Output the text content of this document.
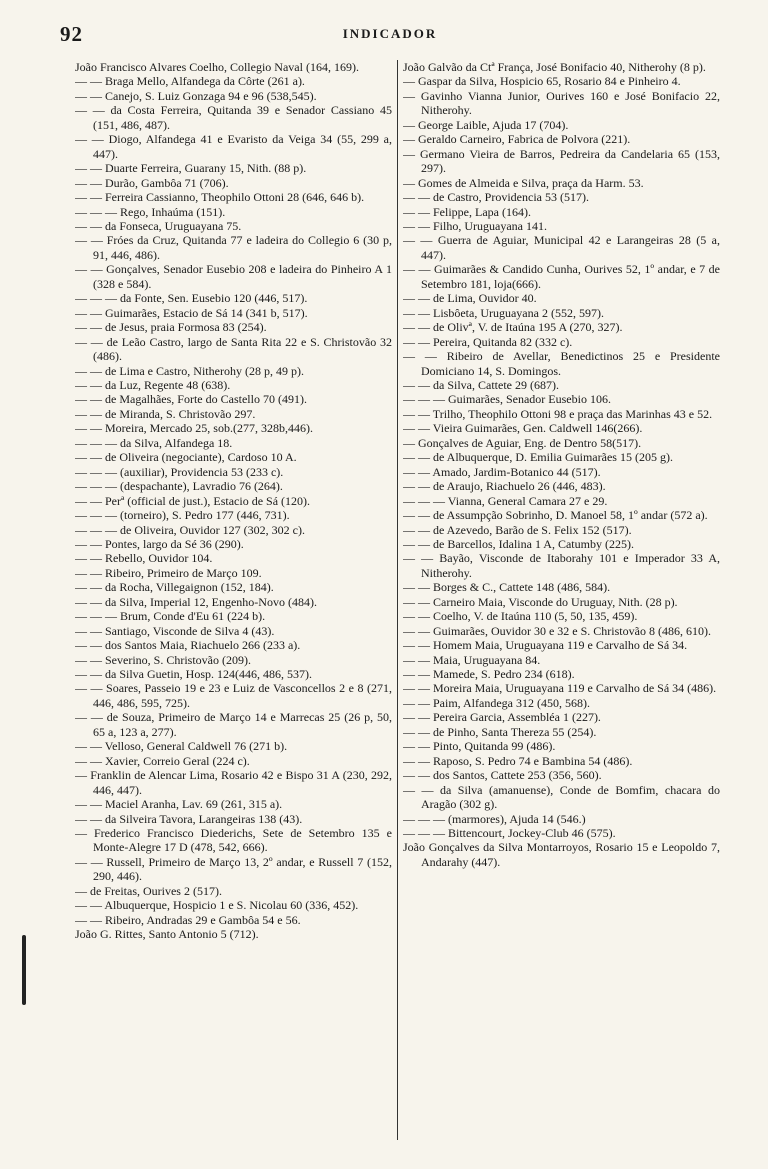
92	INDICADOR

João Francisco Alvares Coelho, Collegio Naval (164, 169).

— — Braga Mello, Alfandega da Côrte (261 a).

— — Canejo, S. Luiz Gonzaga 94 e 96 (538,545).

— — da Costa Ferreira, Quitanda 39 e Senador Cassiano 45 (151, 486, 487).

— — Diogo, Alfandega 41 e Evaristo da Veiga 34 (55, 299 a, 447).

— — Duarte Ferreira, Guarany 15, Nith. (88 p).

— — Durão, Gambôa 71 (706).

— — Ferreira Cassianno, Theophilo Ottoni 28 (646, 646 b).

— — — Rego, Inhaúma (151).

— — da Fonseca, Uruguayana 75.

— — Fróes da Cruz, Quitanda 77 e ladeira do Collegio 6 (30 p, 91, 446, 486).

— — Gonçalves, Senador Eusebio 208 e ladeira do Pinheiro A 1 (328 e 584).

— — — da Fonte, Sen. Eusebio 120 (446, 517).

— — Guimarães, Estacio de Sá 14 (341 b, 517).

— — de Jesus, praia Formosa 83 (254).

— — de Leão Castro, largo de Santa Rita 22 e S. Christovão 32 (486).

— — de Lima e Castro, Nitherohy (28 p, 49 p).

— — da Luz, Regente 48 (638).

— — de Magalhães, Forte do Castello 70 (491).

— — de Miranda, S. Christovão 297.

— — Moreira, Mercado 25, sob.(277, 328b,446).

— — — da Silva, Alfandega 18.

— — de Oliveira (negociante), Cardoso 10 A.

— — — (auxiliar), Providencia 53 (233 c).

— — — (despachante), Lavradio 76 (264).

— — Perª (official de just.), Estacio de Sá (120).

— — — (torneiro), S. Pedro 177 (446, 731).

— — — de Oliveira, Ouvidor 127 (302, 302 c).

— — Pontes, largo da Sé 36 (290).

— — Rebello, Ouvidor 104.

— — Ribeiro, Primeiro de Março 109.

— — da Rocha, Villegaignon (152, 184).

— — da Silva, Imperial 12, Engenho-Novo (484).

— — — Brum, Conde d'Eu 61 (224 b).

— — Santiago, Visconde de Silva 4 (43).

— — dos Santos Maia, Riachuelo 266 (233 a).

— — Severino, S. Christovão (209).

— — da Silva Guetin, Hosp. 124(446, 486, 537).

— — Soares, Passeio 19 e 23 e Luiz de Vasconcellos 2 e 8 (271, 446, 486, 595, 725).

— — de Souza, Primeiro de Março 14 e Marrecas 25 (26 p, 50, 65 a, 123 a, 277).

— — Velloso, General Caldwell 76 (271 b).

— — Xavier, Correio Geral (224 c).

— Franklin de Alencar Lima, Rosario 42 e Bispo 31 A (230, 292, 446, 447).

— — Maciel Aranha, Lav. 69 (261, 315 a).

— — da Silveira Tavora, Larangeiras 138 (43).

— Frederico Francisco Diederichs, Sete de Setembro 135 e Monte-Alegre 17 D (478, 542, 666).

— — Russell, Primeiro de Março 13, 2º andar, e Russell 7 (152, 290, 446).

— de Freitas, Ourives 2 (517).

— — Albuquerque, Hospicio 1 e S. Nicolau 60 (336, 452).

— — Ribeiro, Andradas 29 e Gambôa 54 e 56.

João G. Rittes, Santo Antonio 5 (712).

João Galvão da Ctª França, José Bonifacio 40, Nitherohy (8 p).

— Gaspar da Silva, Hospicio 65, Rosario 84 e Pinheiro 4.

— Gavinho Vianna Junior, Ourives 160 e José Bonifacio 22, Nitherohy.

— George Laible, Ajuda 17 (704).

— Geraldo Carneiro, Fabrica de Polvora (221).

— Germano Vieira de Barros, Pedreira da Candelaria 65 (153, 297).

— Gomes de Almeida e Silva, praça da Harm. 53.

— — de Castro, Providencia 53 (517).

— — Felippe, Lapa (164).

— — Filho, Uruguayana 141.

— — Guerra de Aguiar, Municipal 42 e Larangeiras 28 (5 a, 447).

— — Guimarães & Candido Cunha, Ourives 52, 1º andar, e 7 de Setembro 181, loja(666).

— — de Lima, Ouvidor 40.

— — Lisbôeta, Uruguayana 2 (552, 597).

— — de Olivª, V. de Itaúna 195 A (270, 327).

— — Pereira, Quitanda 82 (332 c).

— — Ribeiro de Avellar, Benedictinos 25 e Presidente Domiciano 14, S. Domingos.

— — da Silva, Cattete 29 (687).

— — — Guimarães, Senador Eusebio 106.

— — Trilho, Theophilo Ottoni 98 e praça das Marinhas 43 e 52.

— — Vieira Guimarães, Gen. Caldwell 146(266).

— Gonçalves de Aguiar, Eng. de Dentro 58(517).

— — de Albuquerque, D. Emilia Guimarães 15 (205 g).

— — Amado, Jardim-Botanico 44 (517).

— — de Araujo, Riachuelo 26 (446, 483).

— — — Vianna, General Camara 27 e 29.

— — de Assumpção Sobrinho, D. Manoel 58, 1º andar (572 a).

— — de Azevedo, Barão de S. Felix 152 (517).

— — de Barcellos, Idalina 1 A, Catumby (225).

— — Bayão, Visconde de Itaborahy 101 e Imperador 33 A, Nitherohy.

— — Borges & C., Cattete 148 (486, 584).

— — Carneiro Maia, Visconde do Uruguay, Nith. (28 p).

— — Coelho, V. de Itaúna 110 (5, 50, 135, 459).

— — Guimarães, Ouvidor 30 e 32 e S. Christovão 8 (486, 610).

— — Homem Maia, Uruguayana 119 e Carvalho de Sá 34.

— — Maia, Uruguayana 84.

— — Mamede, S. Pedro 234 (618).

— — Moreira Maia, Uruguayana 119 e Carvalho de Sá 34 (486).

— — Paim, Alfandega 312 (450, 568).

— — Pereira Garcia, Assembléa 1 (227).

— — de Pinho, Santa Thereza 55 (254).

— — Pinto, Quitanda 99 (486).

— — Raposo, S. Pedro 74 e Bambina 54 (486).

— — dos Santos, Cattete 253 (356, 560).

— — da Silva (amanuense), Conde de Bomfim, chacara do Aragão (302 g).

— — — (marmores), Ajuda 14 (546.)

— — — Bittencourt, Jockey-Club 46 (575).

João Gonçalves da Silva Montarroyos, Rosario 15 e Leopoldo 7, Andarahy (447).
